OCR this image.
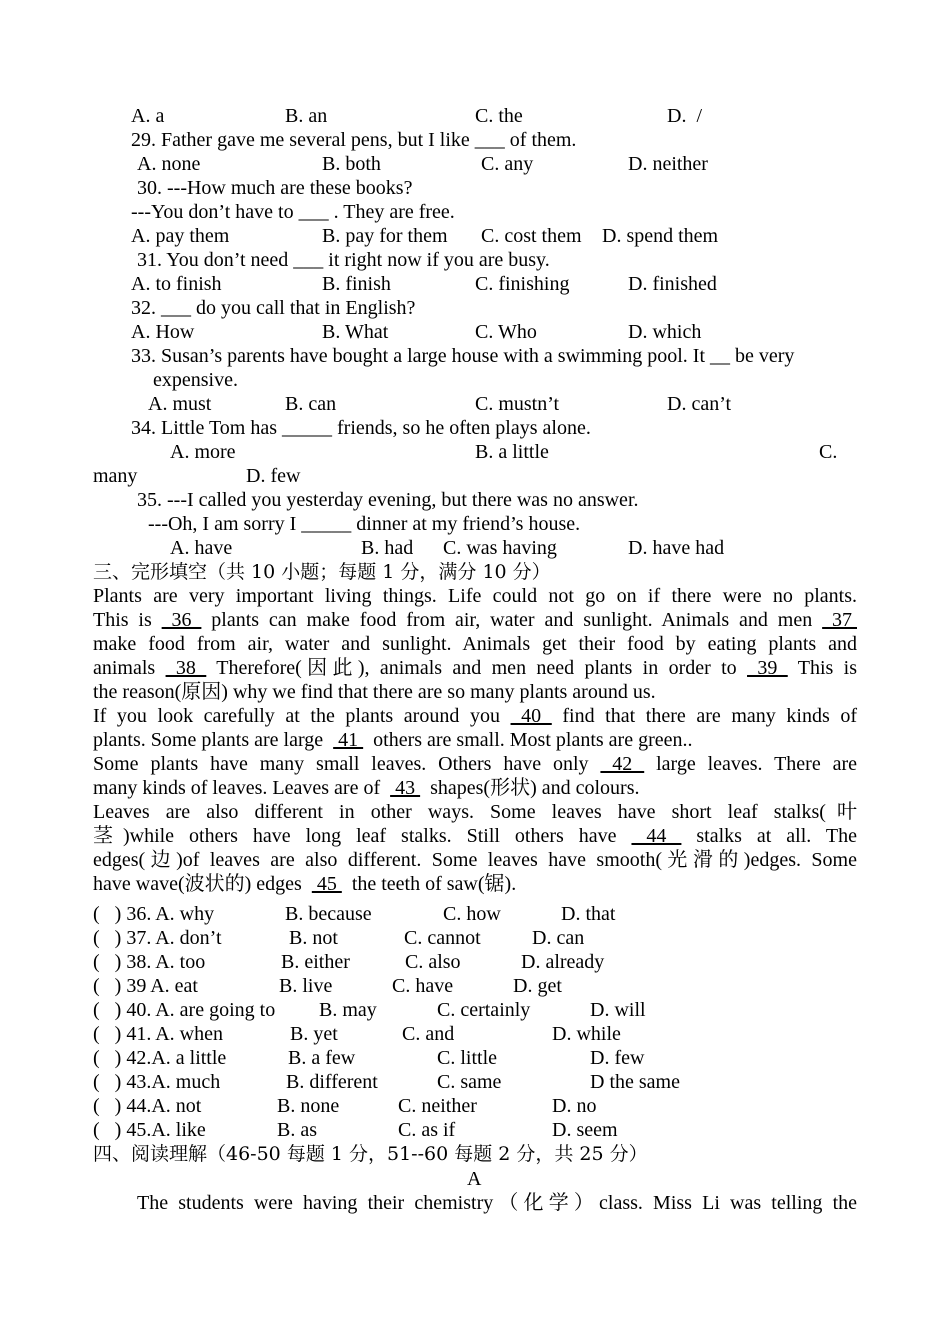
A. a	B. an	C. the	D.  /
29. Father gave me several pens, but I like ___ of them.
A. none	B. both	C. any	D. neither
30. ---How much are these books?
---You don’t have to ___ . They are free.
A. pay them	B. pay for them C. cost them D. spend them
31. You don’t need ___ it right now if you are busy.
A. to finish	B. finish	C. finishing	D. finished
32. ___ do you call that in English?
A. How	B. What	C. Who	D. which
33. Susan’s parents have bought a large house with a swimming pool. It __ be very
expensive.
A. must	B. can	C. mustn’t	D. can’t
34. Little Tom has _____ friends, so he often plays alone.
A. more	B. a little	C.
many	D. few
35. ---I called you yesterday evening, but there was no answer.
---Oh, I am sorry I _____ dinner at my friend’s house.
A. have	B. had C. was having	D. have had
三、完形填空（共 10 小题；每题 1 分，满分 10 分）
Plants are very important living things. Life could not go on if there were no plants.
This is  36  plants can make food from air, water and sunlight. Animals and men  37
make food from air, water and sunlight. Animals get their food by eating plants and
animals  38  Therefore(因此), animals and men need plants in order to  39  This is
the reason(原因) why we find that there are so many plants around us.
If you look carefully at the plants around you  40  find that there are many kinds of
plants. Some plants are large   41   others are small. Most plants are green..
Some plants have many small leaves. Others have only  42  large leaves. There are
many kinds of leaves. Leaves are of   43   shapes(形状) and colours.
Leaves are also different in other ways. Some leaves have short leaf stalks(叶
茎)while others have long leaf stalks. Still others have  44  stalks at all. The
edges(边)of leaves are also different. Some leaves have smooth(光滑的)edges. Some
have wave(波状的) edges   45   the teeth of saw(锯).
(   ) 36. A. why	B. because	C. how	D. that
(   ) 37. A. don’t	B. not	C. cannot	D. can
(   ) 38. A. too	B. either	C. also	D. already
(   ) 39 A. eat	B. live	C. have	D. get
(   ) 40. A. are going to B. may	C. certainly	D. will
(   ) 41. A. when	B. yet	C. and	D. while
(   ) 42.A. a little	B. a few	C. little	D. few
(   ) 43.A. much	B. different	C. same	D the same
(   ) 44.A. not	B. none	C. neither	D. no
(   ) 45.A. like	B. as	C. as if	D. seem
四、阅读理解（46-50 每题 1 分，51--60 每题 2 分，共 25 分）
A
The students were having their chemistry（化学）class. Miss Li was telling the
